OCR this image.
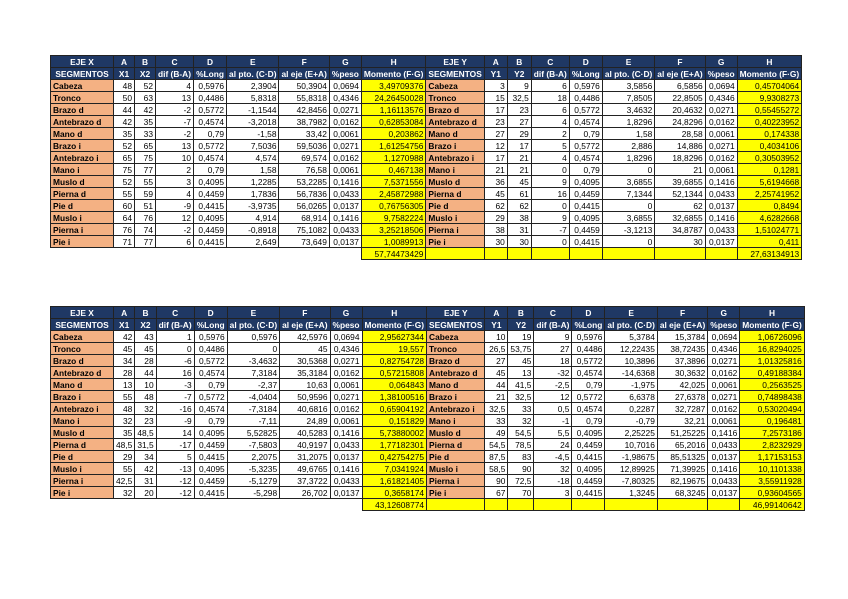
EJE X	A	B	C	D	E	F	G	H	EJE Y	A	B	C	D	E	F	G	H
SEGMENTOS	X1	X2	dif (B-A)	%Long	al pto. (C·D)	al eje (E+A)	%peso	Momento (F·G)	SEGMENTOS	Y1	Y2	dif (B-A)	%Long	al pto. (C·D)	al eje (E+A)	%peso	Momento (F·G)
Cabeza	48	52	4	0,5976	2,3904	50,3904	0,0694	3,49709376	Cabeza	3	9	6	0,5976	3,5856	6,5856	0,0694	0,45704064
Tronco	50	63	13	0,4486	5,8318	55,8318	0,4346	24,26450028	Tronco	15	32,5	18	0,4486	7,8505	22,8505	0,4346	9,9308273
Brazo d	44	42	-2	0,5772	-1,1544	42,8456	0,0271	1,16113576	Brazo d	17	23	6	0,5772	3,4632	20,4632	0,0271	0,55455272
Antebrazo d	42	35	-7	0,4574	-3,2018	38,7982	0,0162	0,62853084	Antebrazo d	23	27	4	0,4574	1,8296	24,8296	0,0162	0,40223952
Mano d	35	33	-2	0,79	-1,58	33,42	0,0061	0,203862	Mano d	27	29	2	0,79	1,58	28,58	0,0061	0,174338
Brazo i	52	65	13	0,5772	7,5036	59,5036	0,0271	1,61254756	Brazo i	12	17	5	0,5772	2,886	14,886	0,0271	0,4034106
Antebrazo i	65	75	10	0,4574	4,574	69,574	0,0162	1,1270988	Antebrazo i	17	21	4	0,4574	1,8296	18,8296	0,0162	0,30503952
Mano i	75	77	2	0,79	1,58	76,58	0,0061	0,467138	Mano i	21	21	0	0,79	0	21	0,0061	0,1281
Muslo d	52	55	3	0,4095	1,2285	53,2285	0,1416	7,5371556	Muslo d	36	45	9	0,4095	3,6855	39,6855	0,1416	5,6194668
Pierna d	55	59	4	0,4459	1,7836	56,7836	0,0433	2,45872988	Pierna d	45	61	16	0,4459	7,1344	52,1344	0,0433	2,25741952
Pie d	60	51	-9	0,4415	-3,9735	56,0265	0,0137	0,76756305	Pie d	62	62	0	0,4415	0	62	0,0137	0,8494
Muslo i	64	76	12	0,4095	4,914	68,914	0,1416	9,7582224	Muslo i	29	38	9	0,4095	3,6855	32,6855	0,1416	4,6282668
Pierna i	76	74	-2	0,4459	-0,8918	75,1082	0,0433	3,25218506	Pierna i	38	31	-7	0,4459	-3,1213	34,8787	0,0433	1,51024771
Pie i	71	77	6	0,4415	2,649	73,649	0,0137	1,0089913	Pie i	30	30	0	0,4415	0	30	0,0137	0,411
								57,74473429									27,63134913
EJE X	A	B	C	D	E	F	G	H	EJE Y	A	B	C	D	E	F	G	H
SEGMENTOS	X1	X2	dif (B-A)	%Long	al pto. (C·D)	al eje (E+A)	%peso	Momento (F·G)	SEGMENTOS	Y1	Y2	dif (B-A)	%Long	al pto. (C·D)	al eje (E+A)	%peso	Momento (F·G)
Cabeza	42	43	1	0,5976	0,5976	42,5976	0,0694	2,95627344	Cabeza	10	19	9	0,5976	5,3784	15,3784	0,0694	1,06726096
Tronco	45	45	0	0,4486	0	45	0,4346	19,557	Tronco	26,5	53,75	27	0,4486	12,22435	38,72435	0,4346	16,8294025
Brazo d	34	28	-6	0,5772	-3,4632	30,5368	0,0271	0,82754728	Brazo d	27	45	18	0,5772	10,3896	37,3896	0,0271	1,01325816
Antebrazo d	28	44	16	0,4574	7,3184	35,3184	0,0162	0,57215808	Antebrazo d	45	13	-32	0,4574	-14,6368	30,3632	0,0162	0,49188384
Mano d	13	10	-3	0,79	-2,37	10,63	0,0061	0,064843	Mano d	44	41,5	-2,5	0,79	-1,975	42,025	0,0061	0,2563525
Brazo i	55	48	-7	0,5772	-4,0404	50,9596	0,0271	1,38100516	Brazo i	21	32,5	12	0,5772	6,6378	27,6378	0,0271	0,74898438
Antebrazo i	48	32	-16	0,4574	-7,3184	40,6816	0,0162	0,65904192	Antebrazo i	32,5	33	0,5	0,4574	0,2287	32,7287	0,0162	0,53020494
Mano i	32	23	-9	0,79	-7,11	24,89	0,0061	0,151829	Mano i	33	32	-1	0,79	-0,79	32,21	0,0061	0,196481
Muslo d	35	48,5	14	0,4095	5,52825	40,5283	0,1416	5,73880002	Muslo d	49	54,5	5,5	0,4095	2,25225	51,25225	0,1416	7,2573186
Pierna d	48,5	31,5	-17	0,4459	-7,5803	40,9197	0,0433	1,77182301	Pierna d	54,5	78,5	24	0,4459	10,7016	65,2016	0,0433	2,8232929
Pie d	29	34	5	0,4415	2,2075	31,2075	0,0137	0,42754275	Pie d	87,5	83	-4,5	0,4415	-1,98675	85,51325	0,0137	1,17153153
Muslo i	55	42	-13	0,4095	-5,3235	49,6765	0,1416	7,0341924	Muslo i	58,5	90	32	0,4095	12,89925	71,39925	0,1416	10,1101338
Pierna i	42,5	31	-12	0,4459	-5,1279	37,3722	0,0433	1,61821405	Pierna i	90	72,5	-18	0,4459	-7,80325	82,19675	0,0433	3,55911928
Pie i	32	20	-12	0,4415	-5,298	26,702	0,0137	0,3658174	Pie i	67	70	3	0,4415	1,3245	68,3245	0,0137	0,93604565
								43,12608774									46,99140642
